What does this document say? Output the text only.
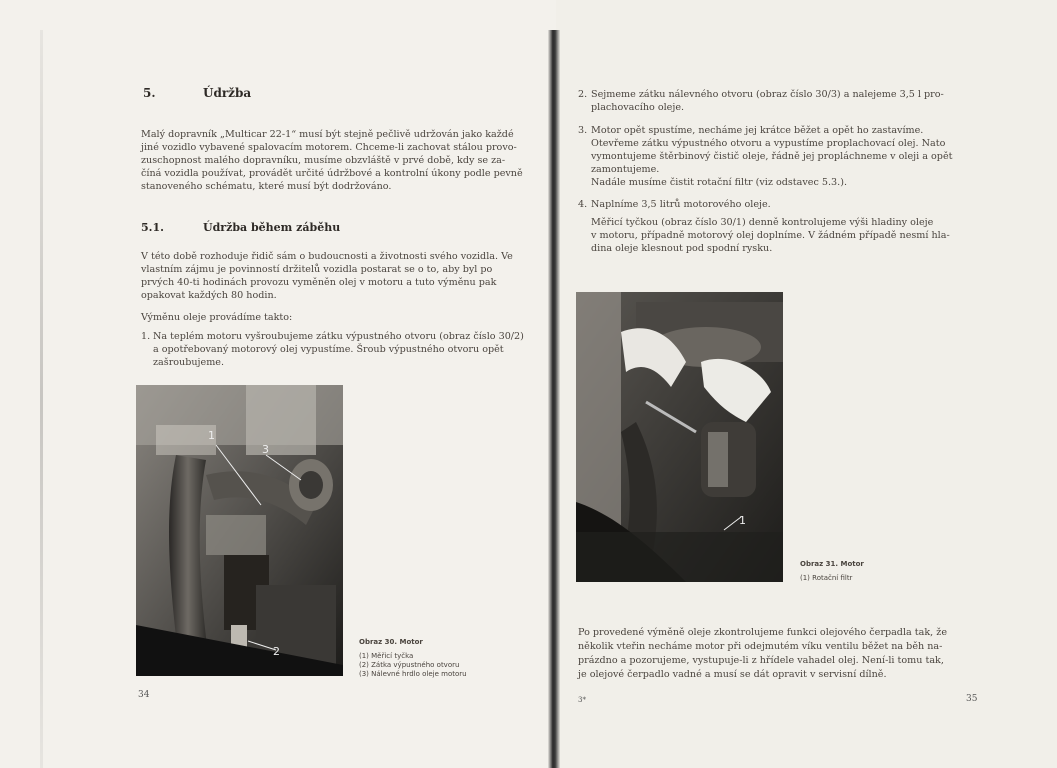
5.	Údržba
Malý dopravník „Multicar 22-1“ musí být stejně pečlivě udržován jako každé
jiné vozidlo vybavené spalovacím motorem. Chceme-li zachovat stálou provo-
zuschopnost malého dopravníku, musíme obzvláště v prvé době, kdy se za-
číná vozidla používat, provádět určité údržbové a kontrolní úkony podle pevně
stanoveného schématu, které musí být dodržováno.
5.1.	Údržba během záběhu
V této době rozhoduje řidič sám o budoucnosti a životnosti svého vozidla. Ve
vlastním zájmu je povinností držitelů vozidla postarat se o to, aby byl po
prvých 40-ti hodinách provozu vyměněn olej v motoru a tuto výměnu pak
opakovat každých 80 hodin.
Výměnu oleje provádíme takto:
1. Na teplém motoru vyšroubujeme zátku výpustného otvoru (obraz číslo 30/2)
a opotřebovaný motorový olej vypustíme. Šroub výpustného otvoru opět
zašroubujeme.
1
2
3
Obraz 30. Motor
(1) Měřicí tyčka
(2) Zátka výpustného otvoru
(3) Nálevné hrdlo oleje motoru
34
2. Sejmeme zátku nálevného otvoru (obraz číslo 30/3) a nalejeme 3,5 l pro-
plachovacího oleje.
3. Motor opět spustíme, necháme jej krátce běžet a opět ho zastavíme.
Otevřeme zátku výpustného otvoru a vypustíme proplachovací olej. Nato
vymontujeme štěrbinový čistič oleje, řádně jej propláchneme v oleji a opět
zamontujeme.
Nadále musíme čistit rotační filtr (viz odstavec 5.3.).
4. Naplníme 3,5 litrů motorového oleje.
Měřicí tyčkou (obraz číslo 30/1) denně kontrolujeme výši hladiny oleje
v motoru, případně motorový olej doplníme. V žádném případě nesmí hla-
dina oleje klesnout pod spodní rysku.
1
Obraz 31. Motor
(1) Rotační filtr
Po provedené výměně oleje zkontrolujeme funkci olejového čerpadla tak, že
několik vteřin necháme motor při odejmutém víku ventilu běžet na běh na-
prázdno a pozorujeme, vystupuje-li z hřídele vahadel olej. Není-li tomu tak,
je olejové čerpadlo vadné a musí se dát opravit v servisní dílně.
3*	35
